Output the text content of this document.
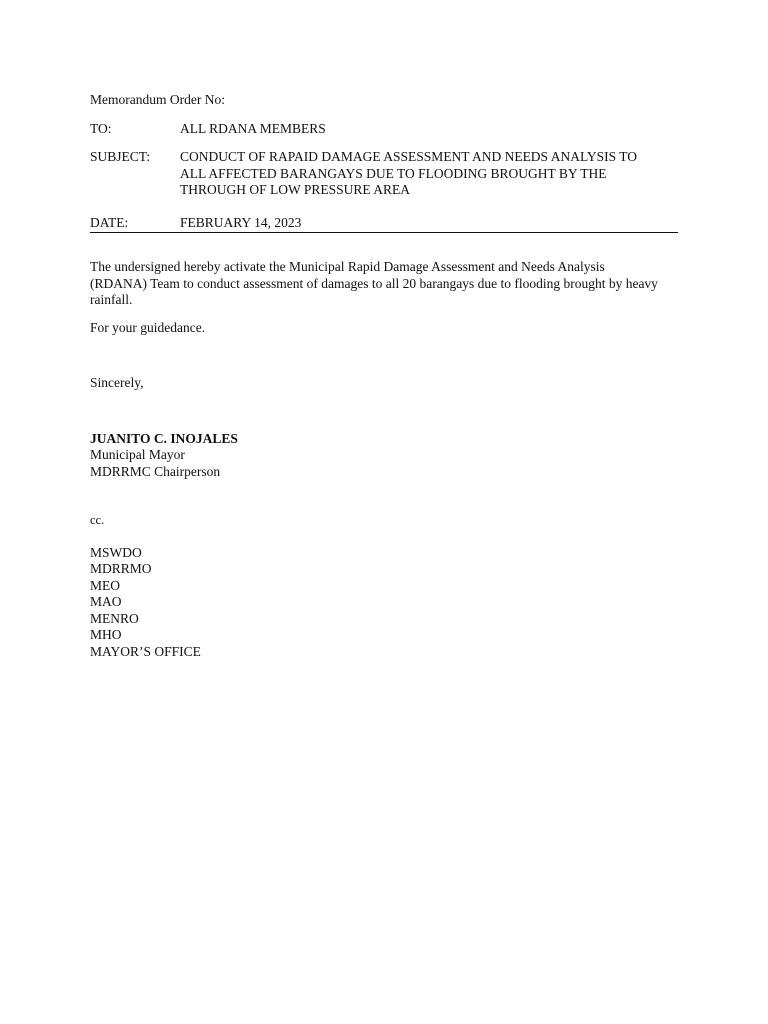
Memorandum Order No:
TO:	ALL RDANA MEMBERS
SUBJECT:	CONDUCT OF RAPAID DAMAGE ASSESSMENT AND NEEDS ANALYSIS TO
ALL AFFECTED BARANGAYS DUE TO FLOODING BROUGHT BY THE
THROUGH OF LOW PRESSURE AREA
DATE:	FEBRUARY 14, 2023
The undersigned hereby activate the Municipal Rapid Damage Assessment and Needs Analysis
(RDANA) Team to conduct assessment of damages to all 20 barangays due to flooding brought by heavy
rainfall.
For your guidedance.
Sincerely,
JUANITO C. INOJALES
Municipal Mayor
MDRRMC Chairperson
cc.
MSWDO
MDRRMO
MEO
MAO
MENRO
MHO
MAYOR’S OFFICE
